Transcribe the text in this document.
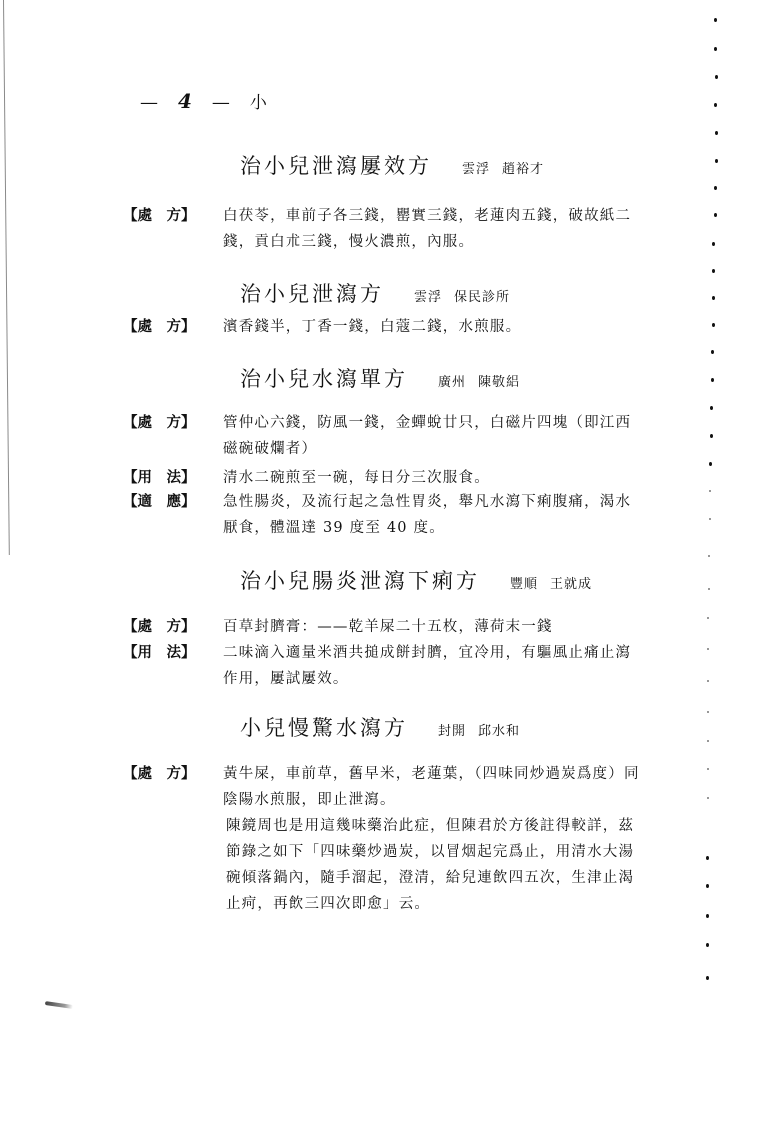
— 4 — 小
治小兒泄瀉屢效方 雲浮 趙裕才
【處　方】	白茯苓，車前子各三錢，罌實三錢，老蓮肉五錢，破故紙二錢，貢白朮三錢，慢火濃煎，內服。
治小兒泄瀉方 雲浮 保民診所
【處　方】	濱香錢半，丁香一錢，白蔻二錢，水煎服。
治小兒水瀉單方 廣州 陳敬絽
【處　方】	管仲心六錢，防風一錢，金蟬蛻廿只，白磁片四塊（即江西磁碗破爛者）
【用　法】	清水二碗煎至一碗，每日分三次服食。
【適　應】	急性腸炎，及流行起之急性胃炎，舉凡水瀉下痢腹痛，渴水厭食，體溫達 39 度至 40 度。
治小兒腸炎泄瀉下痢方 豐順 王就成
【處　方】	百草封臍膏：——乾羊屎二十五枚，薄荷末一錢
【用　法】	二味滴入適量米酒共搥成餅封臍，宜冷用，有驅風止痛止瀉作用，屢試屢效。
小兒慢驚水瀉方 封開 邱水和
【處　方】	黃牛屎，車前草，舊早米，老蓮葉，（四味同炒過炭爲度）同陰陽水煎服，即止泄瀉。
陳鏡周也是用這幾味藥治此症，但陳君於方後註得較詳，茲節錄之如下「四味藥炒過炭，以冒烟起完爲止，用清水大湯碗傾落鍋內，隨手溜起，澄清，給兒連飲四五次，生津止渴止疴，再飲三四次即愈」云。
